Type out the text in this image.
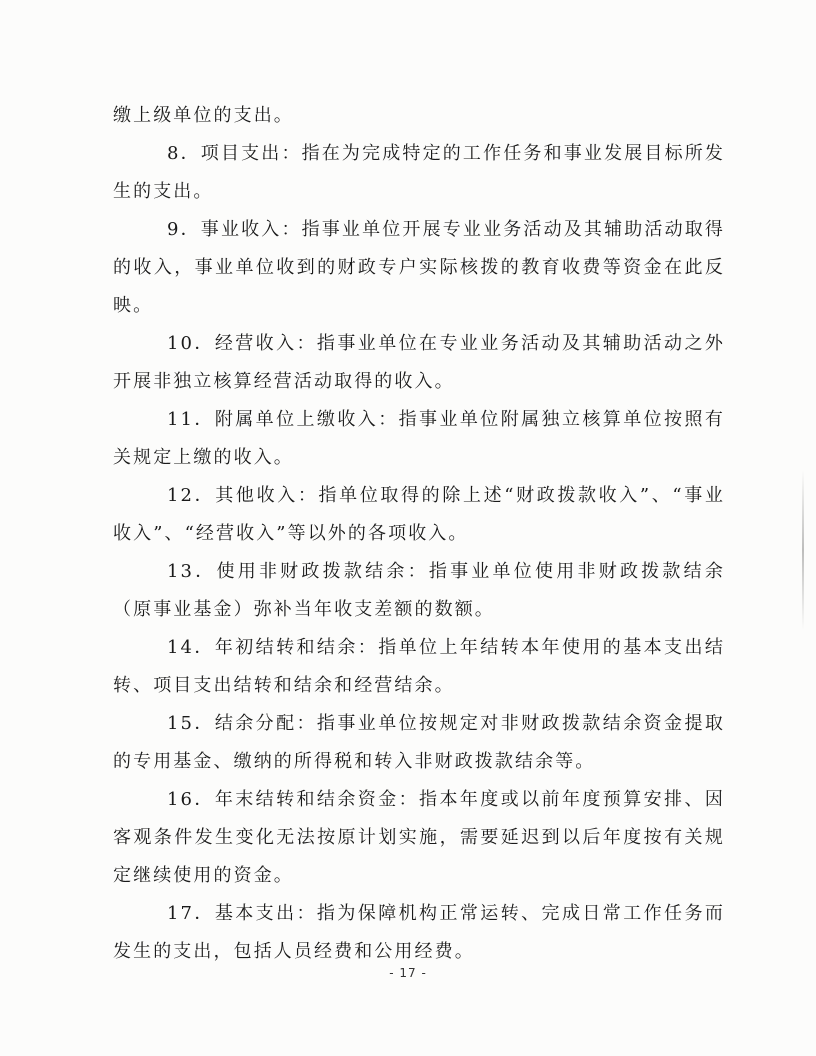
缴上级单位的支出。

8．项目支出：指在为完成特定的工作任务和事业发展目标所发生的支出。

9．事业收入：指事业单位开展专业业务活动及其辅助活动取得的收入，事业单位收到的财政专户实际核拨的教育收费等资金在此反映。

10．经营收入：指事业单位在专业业务活动及其辅助活动之外开展非独立核算经营活动取得的收入。

11．附属单位上缴收入：指事业单位附属独立核算单位按照有关规定上缴的收入。

12．其他收入：指单位取得的除上述“财政拨款收入”、“事业收入”、“经营收入”等以外的各项收入。

13．使用非财政拨款结余：指事业单位使用非财政拨款结余（原事业基金）弥补当年收支差额的数额。

14．年初结转和结余：指单位上年结转本年使用的基本支出结转、项目支出结转和结余和经营结余。

15．结余分配：指事业单位按规定对非财政拨款结余资金提取的专用基金、缴纳的所得税和转入非财政拨款结余等。

16．年末结转和结余资金：指本年度或以前年度预算安排、因客观条件发生变化无法按原计划实施，需要延迟到以后年度按有关规定继续使用的资金。

17．基本支出：指为保障机构正常运转、完成日常工作任务而发生的支出，包括人员经费和公用经费。

- 17 -
